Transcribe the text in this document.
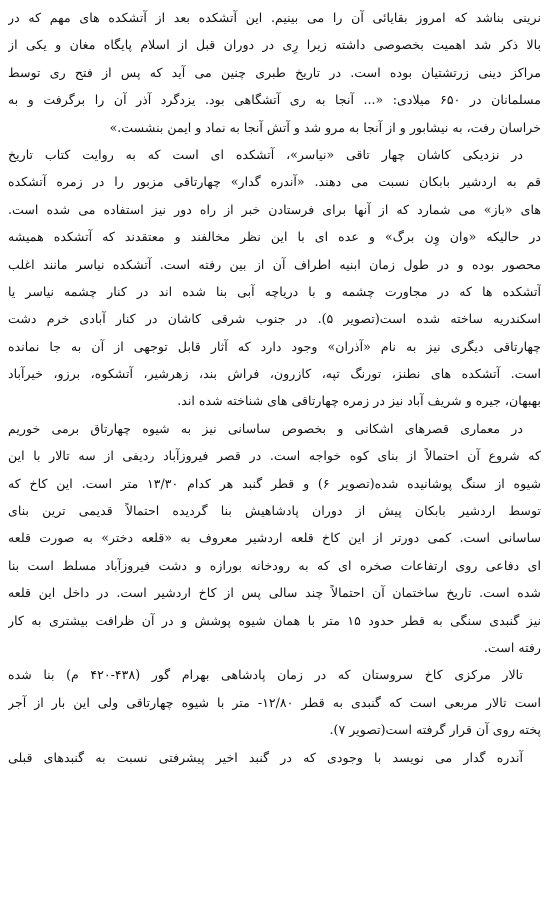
نرینی بناشد که امروز بقایائی آن را می بینیم. این آتشکده بعد از آتشکده های مهم که در
بالا ذکر شد اهمیت بخصوصی داشته زیرا رِی در دوران قبل از اسلام پایگاه مغان و یکی از
مراکز دینی زرتشتیان بوده است. در تاریخ طبری چنین می آید که پس از فتح ری توسط
مسلمانان در ۶۵۰ میلادی: «... آنجا به ری آتشگاهی بود. یزدگرد آذر آن را برگرفت و به
خراسان رفت، به نیشابور و از آنجا به مرو شد و آتش آنجا به نماد و ایمن بنشست.»
در نزدیکی کاشان چهار تاقی «نیاسر»، آتشکده ای است که به روایت کتاب تاریخ
قم به اردشیر بابکان نسبت می دهند. «آندره گدار» چهارتاقی مزبور را در زمره آتشکده
های «باز» می شمارد که از آنها برای فرستادن خبر از راه دور نیز استفاده می شده است.
در حالیکه «وان وِن برگ» و عده ای با این نظر مخالفند و معتقدند که آتشکده همیشه
محصور بوده و در طول زمان ابنیه اطراف آن از بین رفته است. آتشکده نیاسر مانند اغلب
آتشکده ها که در مجاورت چشمه و با دریاچه آبی بنا شده اند در کنار چشمه نیاسر یا
اسکندریه ساخته شده است(تصویر ۵). در جنوب شرقی کاشان در کنار آبادی خرم دشت
چهارتاقی دیگری نیز به نام «آذران» وجود دارد که آثار قابل توجهی از آن به جا نمانده
است. آتشکده های نطنز، تورنگ تپه، کازرون، فراش بند، زهرشیر، آتشکوه، برزو، خیرآباد
بهبهان، جیره و شریف آباد نیز در زمره چهارتاقی های شناخته شده اند.
در معماری قصرهای اشکانی و بخصوص ساسانی نیز به شیوه چهارتاق برمی خوریم
که شروع آن احتمالاً از بنای کوه خواجه است. در قصر فیروزآباد ردیفی از سه تالار با این
شیوه از سنگ پوشانیده شده(تصویر ۶) و قطر گنبد هر کدام ۱۳/۳۰ متر است. این کاخ که
توسط اردشیر بابکان پیش از دوران پادشاهیش بنا گردیده احتمالاً قدیمی ترین بنای
ساسانی است. کمی دورتر از این کاخ قلعه اردشیر معروف به «قلعه دختر» به صورت قلعه
ای دفاعی روی ارتفاعات صخره ای که به رودخانه بورازه و دشت فیروزآباد مسلط است بنا
شده است. تاریخ ساختمان آن احتمالاً چند سالی پس از کاخ اردشیر است. در داخل این قلعه
نیز گنبدی سنگی به قطر حدود ۱۵ متر با همان شیوه پوشش و در آن ظرافت بیشتری به کار
رفته است.
تالار مرکزی کاخ سروستان که در زمان پادشاهی بهرام گور (۴۳۸-۴۲۰ م) بنا شده
است تالار مربعی است که گنبدی به قطر ۱۲/۸۰- متر با شیوه چهارتاقی ولی این بار از آجر
پخته روی آن قرار گرفته است(تصویر ۷).
آندره گدار می نویسد با وجودی که در گنبد اخیر پیشرفتی نسبت به گنبدهای قبلی
